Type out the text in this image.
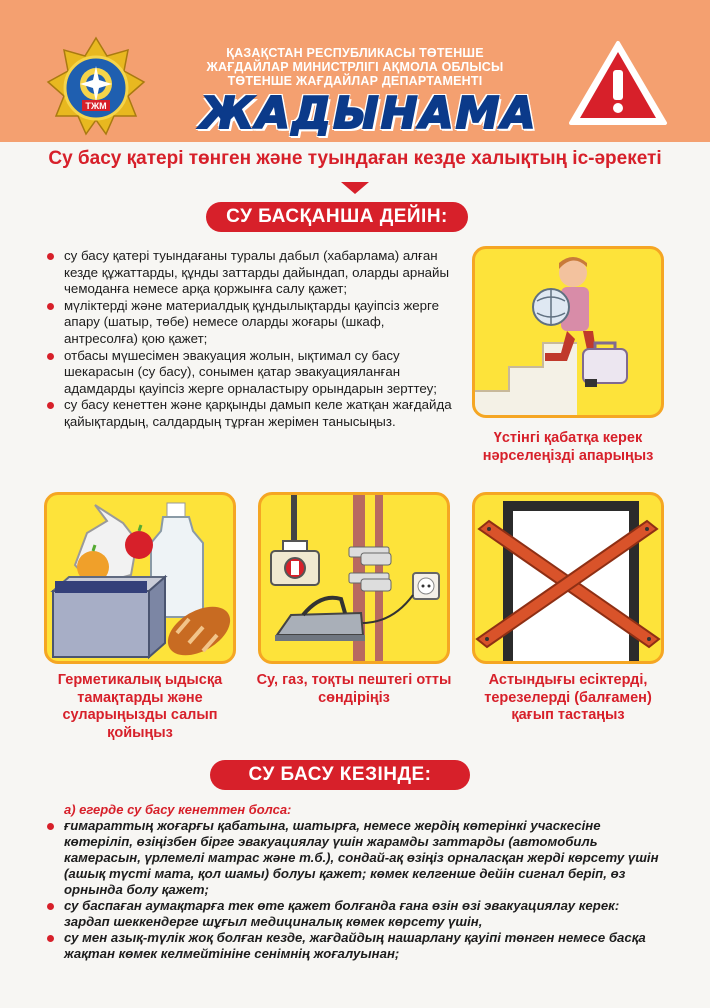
ТЖМ
ҚАЗАҚСТАН РЕСПУБЛИКАСЫ ТӨТЕНШЕ
ЖАҒДАЙЛАР МИНИСТРЛІГІ АҚМОЛА ОБЛЫСЫ
ТӨТЕНШЕ ЖАҒДАЙЛАР ДЕПАРТАМЕНТІ
ЖАДЫНАМА
Су басу қатері төнген және туындаған кезде халықтың іс-әрекеті
СУ БАСҚАНША ДЕЙІН:
су басу қатері туындағаны туралы дабыл (хабарлама) алған кезде құжаттарды, құнды заттарды дайындап, оларды арнайы чемоданға немесе арқа қоржынға салу қажет;
мүліктерді және материалдық құндылықтарды қауіпсіз жерге апару (шатыр, төбе) немесе оларды жоғары (шкаф, антресолға) қою қажет;
отбасы мүшесімен эвакуация жолын, ықтимал су басу шекарасын (су басу), сонымен қатар эвакуацияланған адамдарды қауіпсіз жерге орналастыру орындарын зерттеу;
су басу кенеттен және қарқынды дамып келе жатқан жағдайда қайықтардың, салдардың тұрған жерімен танысыңыз.
Үстінгі қабатқа керек нәрселеңізді апарыңыз
Герметикалық ыдысқа тамақтарды және суларыңызды салып қойыңыз
Су, газ, тоқты пештегі отты сөндіріңіз
Астындығы есіктерді, терезелерді (балғамен) қағып тастаңыз
СУ БАСУ КЕЗІНДЕ:
а) егерде су басу кенеттен болса:
ғимараттың жоғарғы қабатына, шатырға, немесе жердің көтерінкі учаскесіне көтеріліп, өзіңізбен бірге эвакуациялау үшін жарамды заттарды (автомобиль камерасын, үрлемелі матрас және т.б.), сондай-ақ өзіңіз орналасқан жерді көрсету үшін (ашық түсті мата, қол шамы) болуы қажет; көмек келгенше дейін сигнал беріп, өз орнында болу қажет;
су баспаған аумақтарға тек өте қажет болғанда ғана өзін өзі эвакуациялау керек: зардап шеккендерге шұғыл медициналық көмек көрсету үшін,
су мен азық-түлік жоқ болған кезде, жағдайдың нашарлану қауіпі төнген немесе басқа жақтан көмек келмейтініне сенімнің жоғалуынан;
